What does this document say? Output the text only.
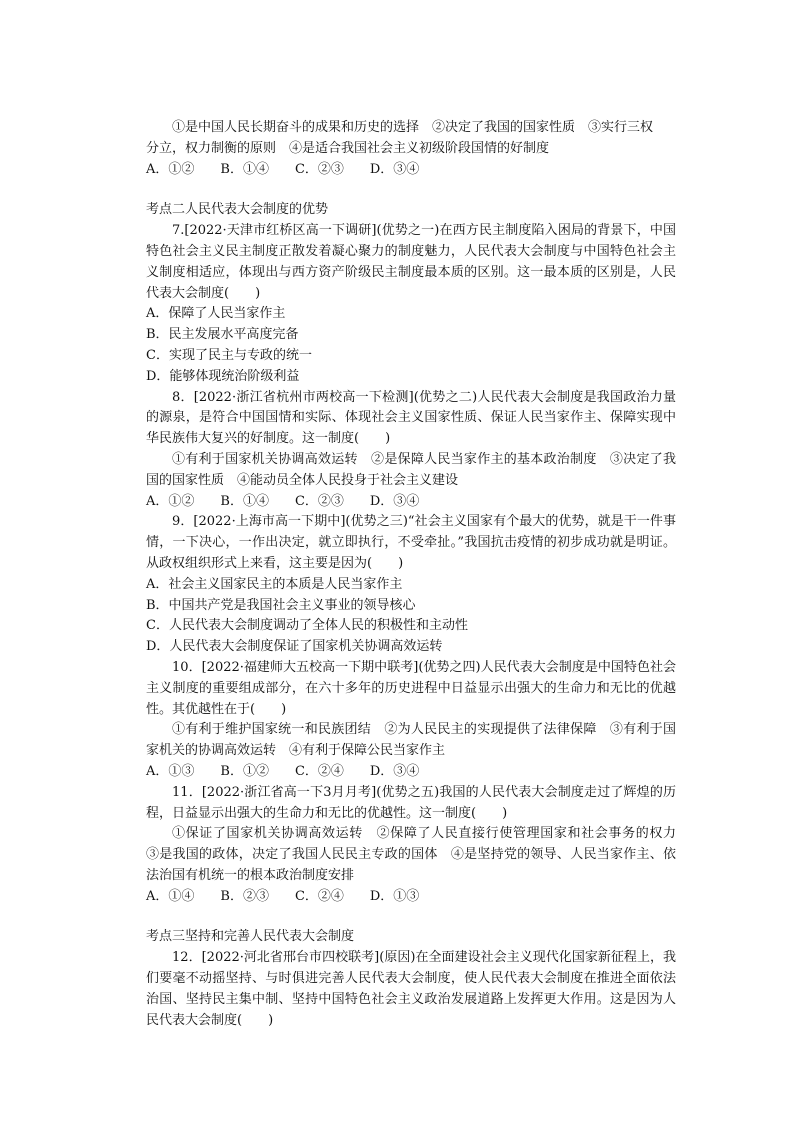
①是中国人民长期奋斗的成果和历史的选择　②决定了我国的国家性质　③实行三权

分立，权力制衡的原则　④是适合我国社会主义初级阶段国情的好制度

A．①②　　B．①④　　C．②③　　D．③④

考点二人民代表大会制度的优势

7.[2022·天津市红桥区高一下调研](优势之一)在西方民主制度陷入困局的背景下，中国特色社会主义民主制度正散发着凝心聚力的制度魅力，人民代表大会制度与中国特色社会主义制度相适应，体现出与西方资产阶级民主制度最本质的区别。这一最本质的区别是，人民代表大会制度(　　)

A．保障了人民当家作主

B．民主发展水平高度完备

C．实现了民主与专政的统一

D．能够体现统治阶级利益

8．[2022·浙江省杭州市两校高一下检测](优势之二)人民代表大会制度是我国政治力量的源泉，是符合中国国情和实际、体现社会主义国家性质、保证人民当家作主、保障实现中华民族伟大复兴的好制度。这一制度(　　)

①有利于国家机关协调高效运转　②是保障人民当家作主的基本政治制度　③决定了我国的国家性质　④能动员全体人民投身于社会主义建设

A．①②　　B．①④　　C．②③　　D．③④

9．[2022·上海市高一下期中](优势之三)“社会主义国家有个最大的优势，就是干一件事情，一下决心，一作出决定，就立即执行，不受牵扯。”我国抗击疫情的初步成功就是明证。从政权组织形式上来看，这主要是因为(　　)

A．社会主义国家民主的本质是人民当家作主

B．中国共产党是我国社会主义事业的领导核心

C．人民代表大会制度调动了全体人民的积极性和主动性

D．人民代表大会制度保证了国家机关协调高效运转

10．[2022·福建师大五校高一下期中联考](优势之四)人民代表大会制度是中国特色社会主义制度的重要组成部分，在六十多年的历史进程中日益显示出强大的生命力和无比的优越性。其优越性在于(　　)

①有利于维护国家统一和民族团结　②为人民民主的实现提供了法律保障　③有利于国家机关的协调高效运转　④有利于保障公民当家作主

A．①③　　B．①②　　C．②④　　D．③④

11．[2022·浙江省高一下3月月考](优势之五)我国的人民代表大会制度走过了辉煌的历程，日益显示出强大的生命力和无比的优越性。这一制度(　　)

①保证了国家机关协调高效运转　②保障了人民直接行使管理国家和社会事务的权力　③是我国的政体，决定了我国人民民主专政的国体　④是坚持党的领导、人民当家作主、依法治国有机统一的根本政治制度安排

A．①④　　B．②③　　C．②④　　D．①③

考点三坚持和完善人民代表大会制度

12．[2022·河北省邢台市四校联考](原因)在全面建设社会主义现代化国家新征程上，我们要毫不动摇坚持、与时俱进完善人民代表大会制度，使人民代表大会制度在推进全面依法治国、坚持民主集中制、坚持中国特色社会主义政治发展道路上发挥更大作用。这是因为人民代表大会制度(　　)
